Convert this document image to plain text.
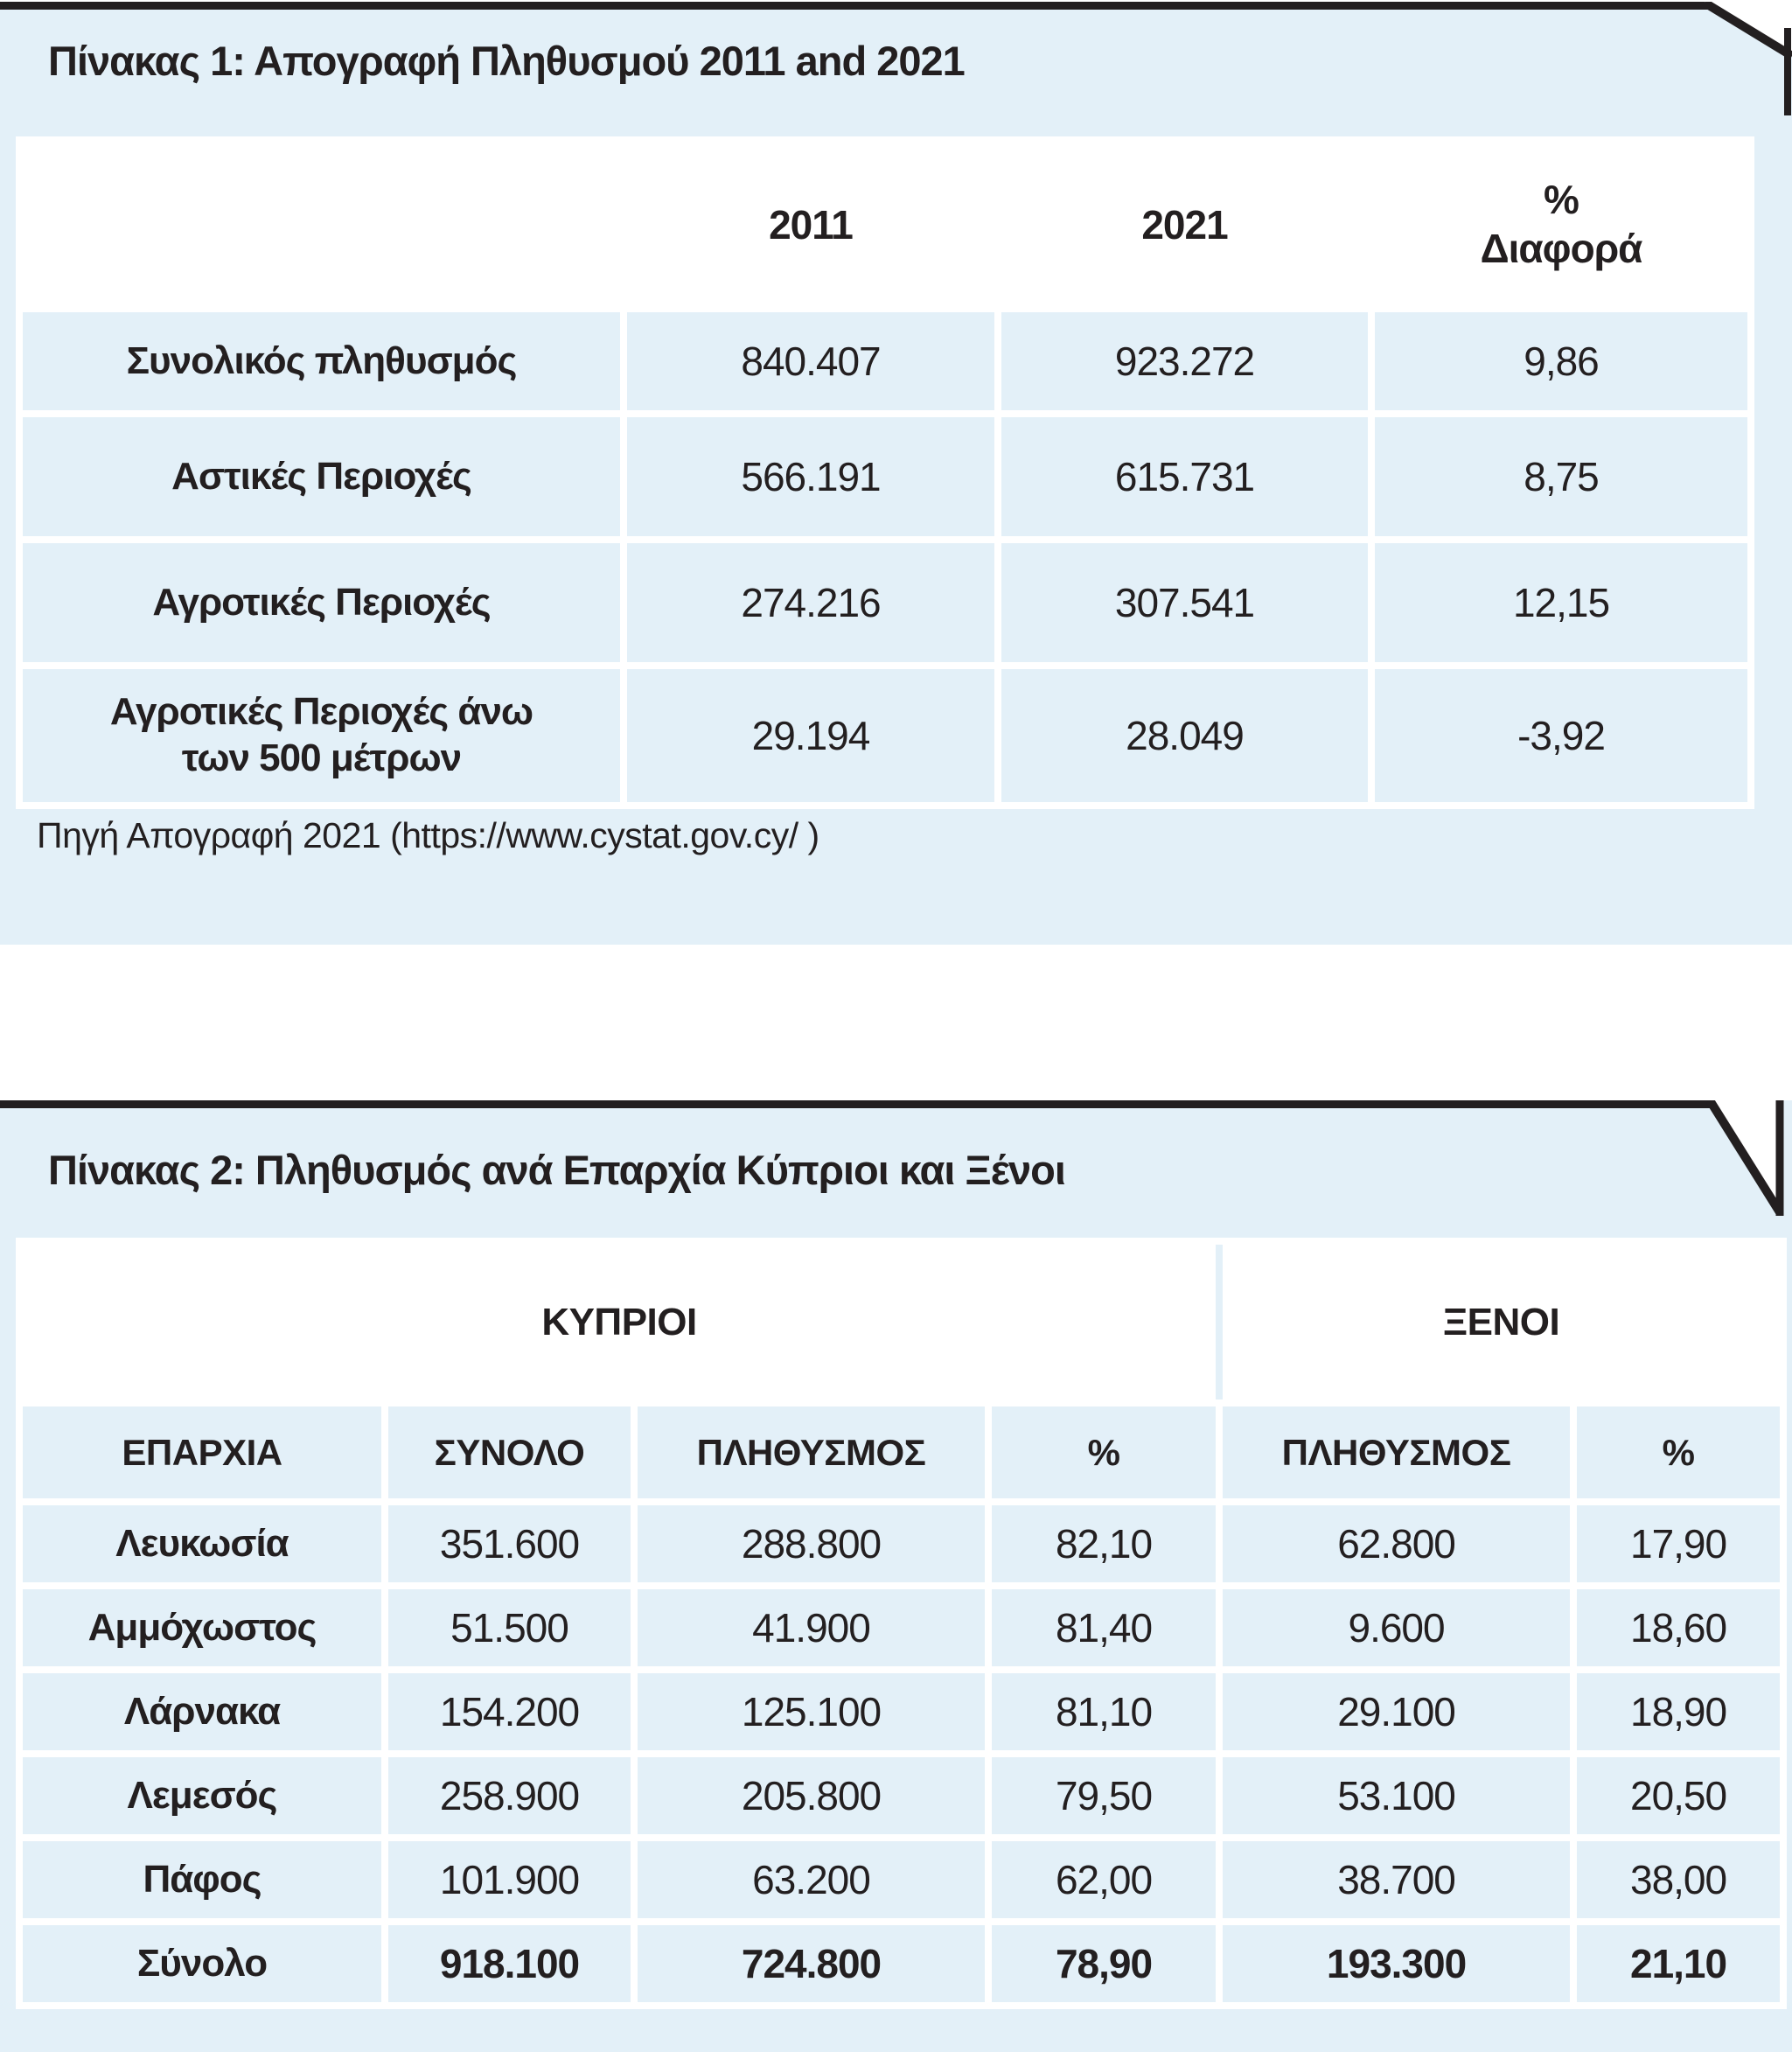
Πίνακας 1: Απογραφή Πληθυσμού 2011 and 2021
	2011	2021	%
Διαφορά

Συνολικός πληθυσμός	840.407	923.272	9,86
Αστικές Περιοχές	566.191	615.731	8,75
Αγροτικές Περιοχές	274.216	307.541	12,15
Αγροτικές Περιοχές άνω των 500 μέτρων	29.194	28.049	-3,92

Πηγή Απογραφή 2021 (https://www.cystat.gov.cy/ )

Πίνακας 2: Πληθυσμός ανά Επαρχία Κύπριοι και Ξένοι
ΚΥΠΡΙΟΙ				ΞΕΝΟΙ	
ΕΠΑΡΧΙΑ	ΣΥΝΟΛΟ	ΠΛΗΘΥΣΜΟΣ	%	ΠΛΗΘΥΣΜΟΣ	%
Λευκωσία	351.600	288.800	82,10	62.800	17,90
Αμμόχωστος	51.500	41.900	81,40	9.600	18,60
Λάρνακα	154.200	125.100	81,10	29.100	18,90
Λεμεσός	258.900	205.800	79,50	53.100	20,50
Πάφος	101.900	63.200	62,00	38.700	38,00
Σύνολο	918.100	724.800	78,90	193.300	21,10
